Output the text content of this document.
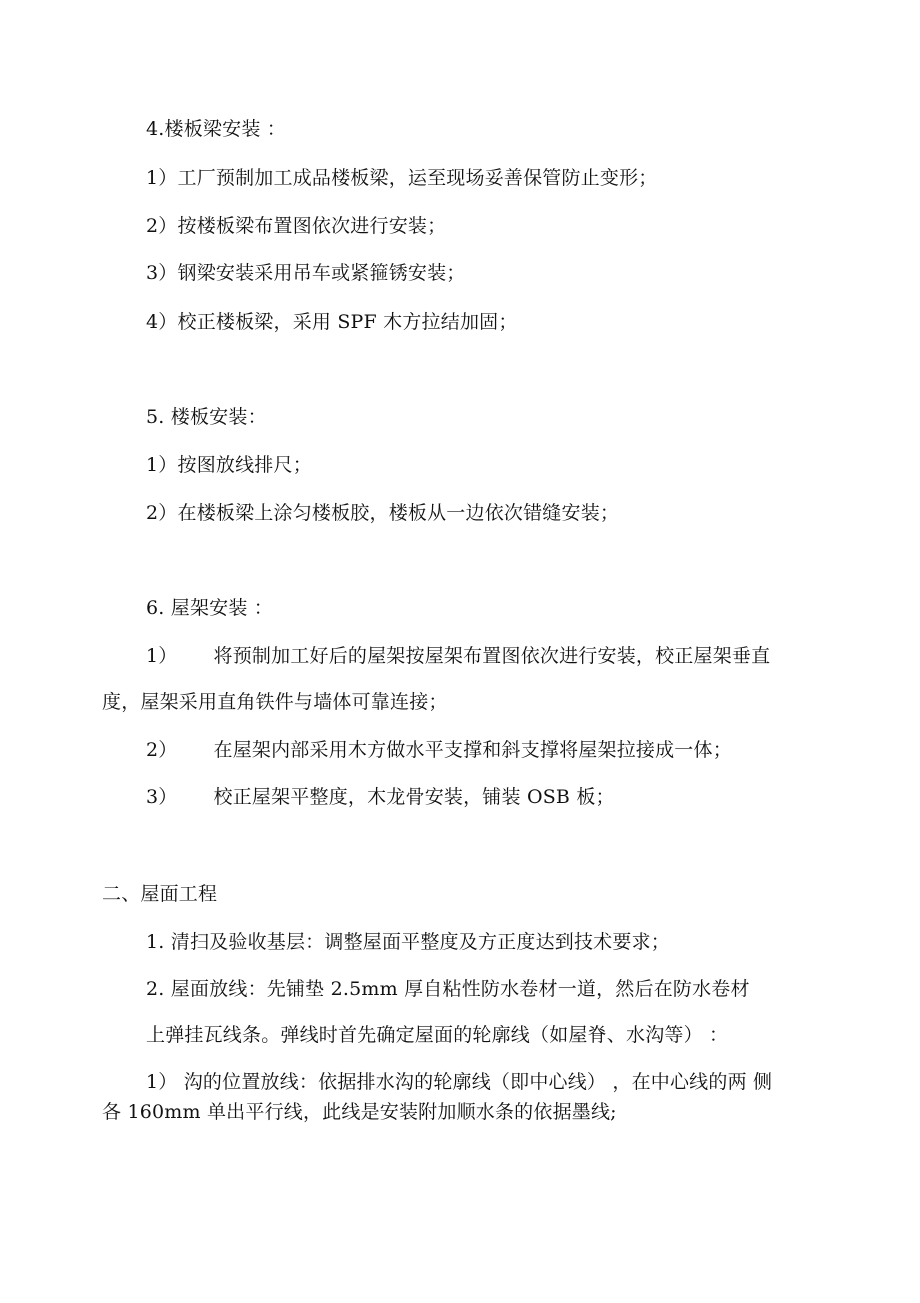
4.楼板梁安装 ：
1）工厂预制加工成品楼板梁，运至现场妥善保管防止变形；
2）按楼板梁布置图依次进行安装；
3）钢梁安装采用吊车或紧箍锈安装；
4）校正楼板梁，采用 SPF 木方拉结加固；
5. 楼板安装：
1）按图放线排尺；
2）在楼板梁上涂匀楼板胶，楼板从一边依次错缝安装；
6. 屋架安装 ：
1） 将预制加工好后的屋架按屋架布置图依次进行安装，校正屋架垂直
度，屋架采用直角铁件与墙体可靠连接；
2） 在屋架内部采用木方做水平支撑和斜支撑将屋架拉接成一体；
3） 校正屋架平整度，木龙骨安装，铺装 OSB 板；
二、屋面工程
1. 清扫及验收基层：调整屋面平整度及方正度达到技术要求；
2. 屋面放线：先铺垫 2.5mm 厚自粘性防水卷材一道，然后在防水卷材
上弹挂瓦线条。弹线时首先确定屋面的轮廓线（如屋脊、水沟等） ：
1） 沟的位置放线：依据排水沟的轮廓线（即中心线） ，在中心线的两 侧
各 160mm 单出平行线，此线是安装附加顺水条的依据墨线;
